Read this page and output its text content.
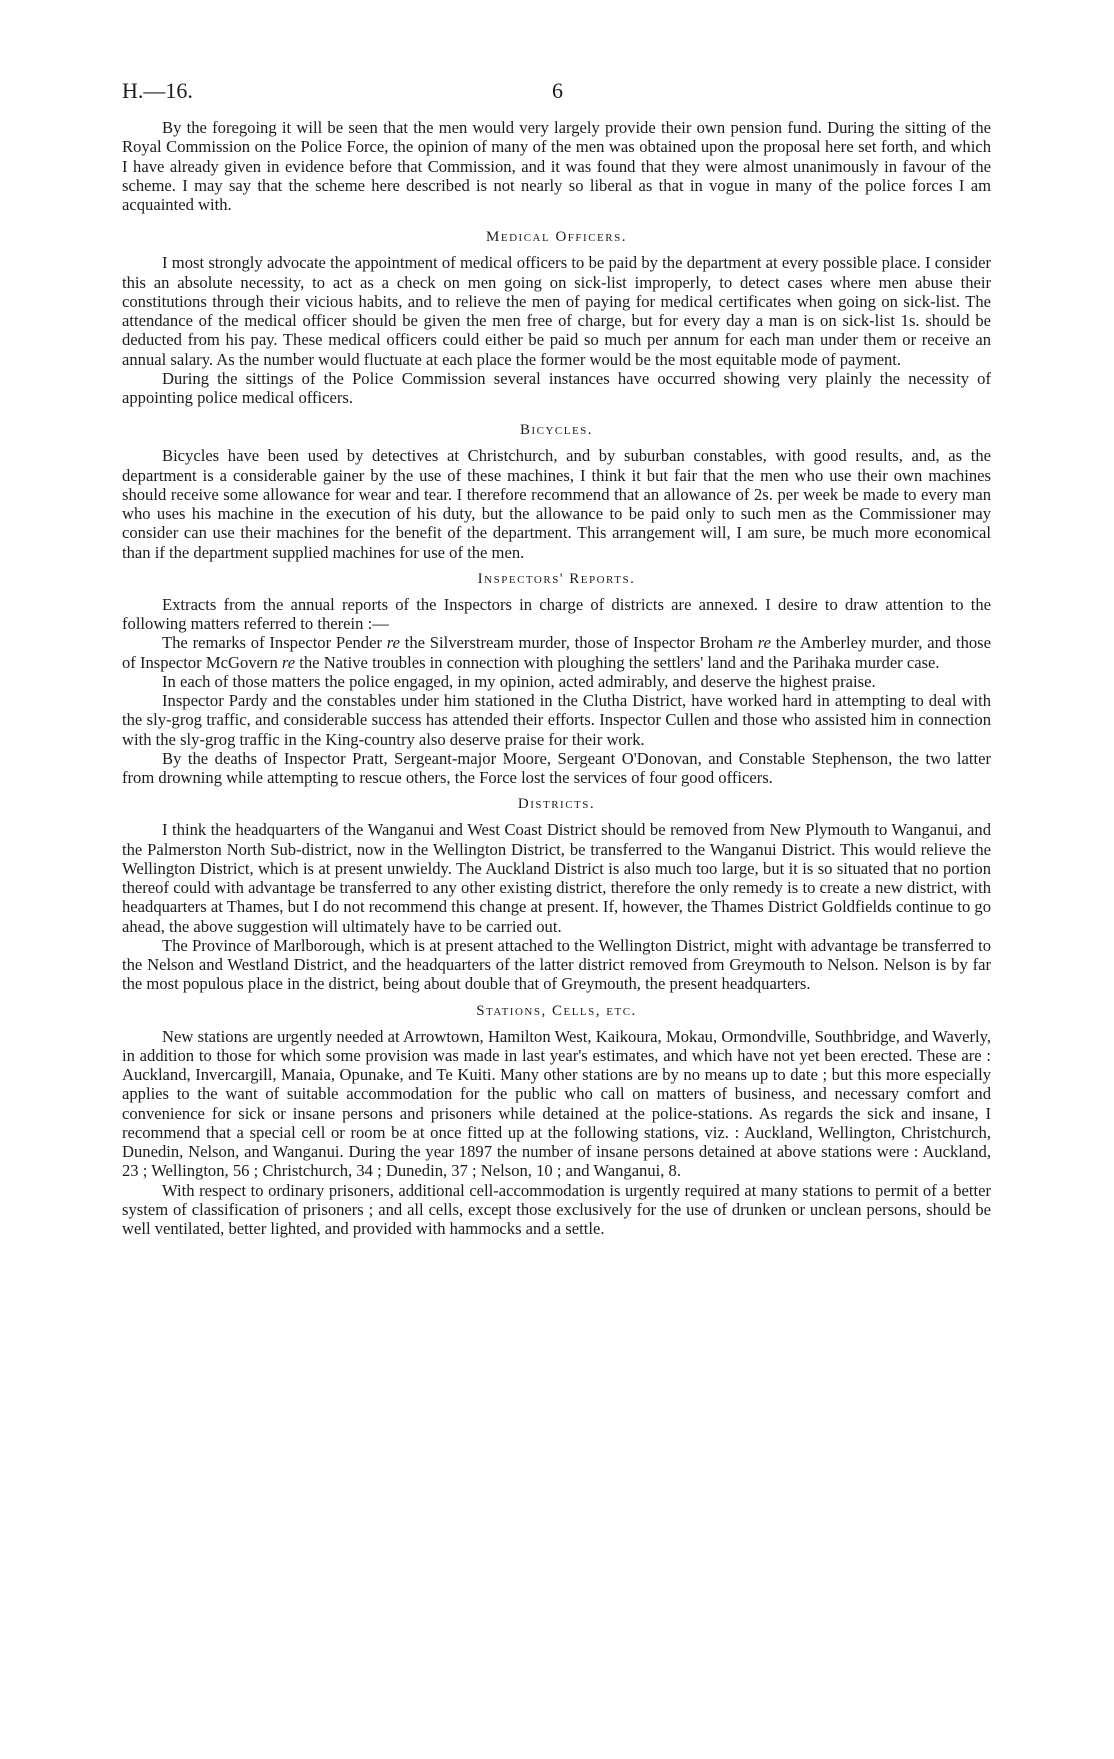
H.—16.	6

By the foregoing it will be seen that the men would very largely provide their own pension fund. During the sitting of the Royal Commission on the Police Force, the opinion of many of the men was obtained upon the proposal here set forth, and which I have already given in evidence before that Commission, and it was found that they were almost unanimously in favour of the scheme. I may say that the scheme here described is not nearly so liberal as that in vogue in many of the police forces I am acquainted with.

Medical Officers.

I most strongly advocate the appointment of medical officers to be paid by the department at every possible place. I consider this an absolute necessity, to act as a check on men going on sick-list improperly, to detect cases where men abuse their constitutions through their vicious habits, and to relieve the men of paying for medical certificates when going on sick-list. The attendance of the medical officer should be given the men free of charge, but for every day a man is on sick-list 1s. should be deducted from his pay. These medical officers could either be paid so much per annum for each man under them or receive an annual salary. As the number would fluctuate at each place the former would be the most equitable mode of payment.

During the sittings of the Police Commission several instances have occurred showing very plainly the necessity of appointing police medical officers.

Bicycles.

Bicycles have been used by detectives at Christchurch, and by suburban constables, with good results, and, as the department is a considerable gainer by the use of these machines, I think it but fair that the men who use their own machines should receive some allowance for wear and tear. I therefore recommend that an allowance of 2s. per week be made to every man who uses his machine in the execution of his duty, but the allowance to be paid only to such men as the Commissioner may consider can use their machines for the benefit of the department. This arrangement will, I am sure, be much more economical than if the department supplied machines for use of the men.

Inspectors' Reports.

Extracts from the annual reports of the Inspectors in charge of districts are annexed. I desire to draw attention to the following matters referred to therein :—

The remarks of Inspector Pender re the Silverstream murder, those of Inspector Broham re the Amberley murder, and those of Inspector McGovern re the Native troubles in connection with ploughing the settlers' land and the Parihaka murder case.

In each of those matters the police engaged, in my opinion, acted admirably, and deserve the highest praise.

Inspector Pardy and the constables under him stationed in the Clutha District, have worked hard in attempting to deal with the sly-grog traffic, and considerable success has attended their efforts. Inspector Cullen and those who assisted him in connection with the sly-grog traffic in the King-country also deserve praise for their work.

By the deaths of Inspector Pratt, Sergeant-major Moore, Sergeant O'Donovan, and Constable Stephenson, the two latter from drowning while attempting to rescue others, the Force lost the services of four good officers.

Districts.

I think the headquarters of the Wanganui and West Coast District should be removed from New Plymouth to Wanganui, and the Palmerston North Sub-district, now in the Wellington District, be transferred to the Wanganui District. This would relieve the Wellington District, which is at present unwieldy. The Auckland District is also much too large, but it is so situated that no portion thereof could with advantage be transferred to any other existing district, therefore the only remedy is to create a new district, with headquarters at Thames, but I do not recommend this change at present. If, however, the Thames District Goldfields continue to go ahead, the above suggestion will ultimately have to be carried out.

The Province of Marlborough, which is at present attached to the Wellington District, might with advantage be transferred to the Nelson and Westland District, and the headquarters of the latter district removed from Greymouth to Nelson. Nelson is by far the most populous place in the district, being about double that of Greymouth, the present headquarters.

Stations, Cells, etc.

New stations are urgently needed at Arrowtown, Hamilton West, Kaikoura, Mokau, Ormondville, Southbridge, and Waverly, in addition to those for which some provision was made in last year's estimates, and which have not yet been erected. These are : Auckland, Invercargill, Manaia, Opunake, and Te Kuiti. Many other stations are by no means up to date ; but this more especially applies to the want of suitable accommodation for the public who call on matters of business, and necessary comfort and convenience for sick or insane persons and prisoners while detained at the police-stations. As regards the sick and insane, I recommend that a special cell or room be at once fitted up at the following stations, viz. : Auckland, Wellington, Christchurch, Dunedin, Nelson, and Wanganui. During the year 1897 the number of insane persons detained at above stations were : Auckland, 23 ; Wellington, 56 ; Christchurch, 34 ; Dunedin, 37 ; Nelson, 10 ; and Wanganui, 8.

With respect to ordinary prisoners, additional cell-accommodation is urgently required at many stations to permit of a better system of classification of prisoners ; and all cells, except those exclusively for the use of drunken or unclean persons, should be well ventilated, better lighted, and provided with hammocks and a settle.
